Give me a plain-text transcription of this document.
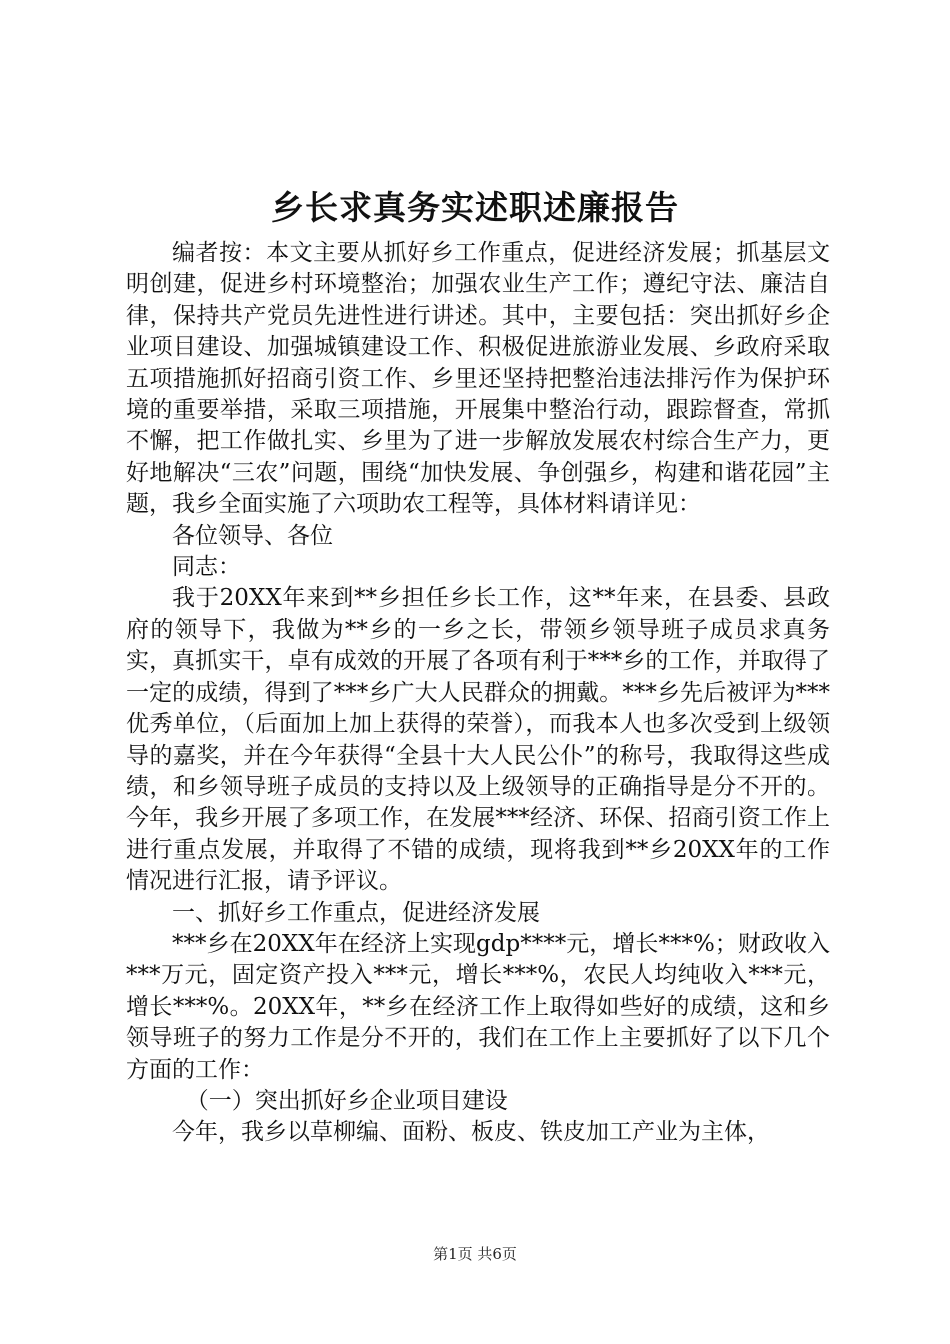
乡长求真务实述职述廉报告

编者按：本文主要从抓好乡工作重点，促进经济发展；抓基层文明创建，促进乡村环境整治；加强农业生产工作；遵纪守法、廉洁自律，保持共产党员先进性进行讲述。其中，主要包括：突出抓好乡企业项目建设、加强城镇建设工作、积极促进旅游业发展、乡政府采取五项措施抓好招商引资工作、乡里还坚持把整治违法排污作为保护环境的重要举措，采取三项措施，开展集中整治行动，跟踪督查，常抓不懈，把工作做扎实、乡里为了进一步解放发展农村综合生产力，更好地解决“三农”问题，围绕“加快发展、争创强乡，构建和谐花园”主题，我乡全面实施了六项助农工程等，具体材料请详见：

各位领导、各位

同志：

我于20XX年来到**乡担任乡长工作，这**年来，在县委、县政府的领导下，我做为**乡的一乡之长，带领乡领导班子成员求真务实，真抓实干，卓有成效的开展了各项有利于***乡的工作，并取得了一定的成绩，得到了***乡广大人民群众的拥戴。***乡先后被评为***优秀单位，（后面加上加上获得的荣誉），而我本人也多次受到上级领导的嘉奖，并在今年获得“全县十大人民公仆”的称号，我取得这些成绩，和乡领导班子成员的支持以及上级领导的正确指导是分不开的。今年，我乡开展了多项工作，在发展***经济、环保、招商引资工作上进行重点发展，并取得了不错的成绩，现将我到**乡20XX年的工作情况进行汇报，请予评议。

一、抓好乡工作重点，促进经济发展

***乡在20XX年在经济上实现gdp****元，增长***%；财政收入***万元，固定资产投入***元，增长***%，农民人均纯收入***元，增长***%。20XX年，**乡在经济工作上取得如些好的成绩，这和乡领导班子的努力工作是分不开的，我们在工作上主要抓好了以下几个方面的工作：

（一）突出抓好乡企业项目建设

今年，我乡以草柳编、面粉、板皮、铁皮加工产业为主体，

第1页 共6页
